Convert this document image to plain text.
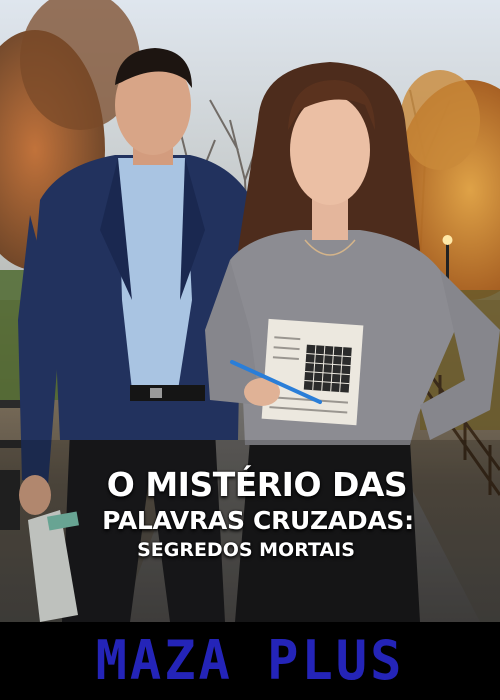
O MISTÉRIO DAS
PALAVRAS CRUZADAS:
SEGREDOS MORTAIS
MAZA PLUS
